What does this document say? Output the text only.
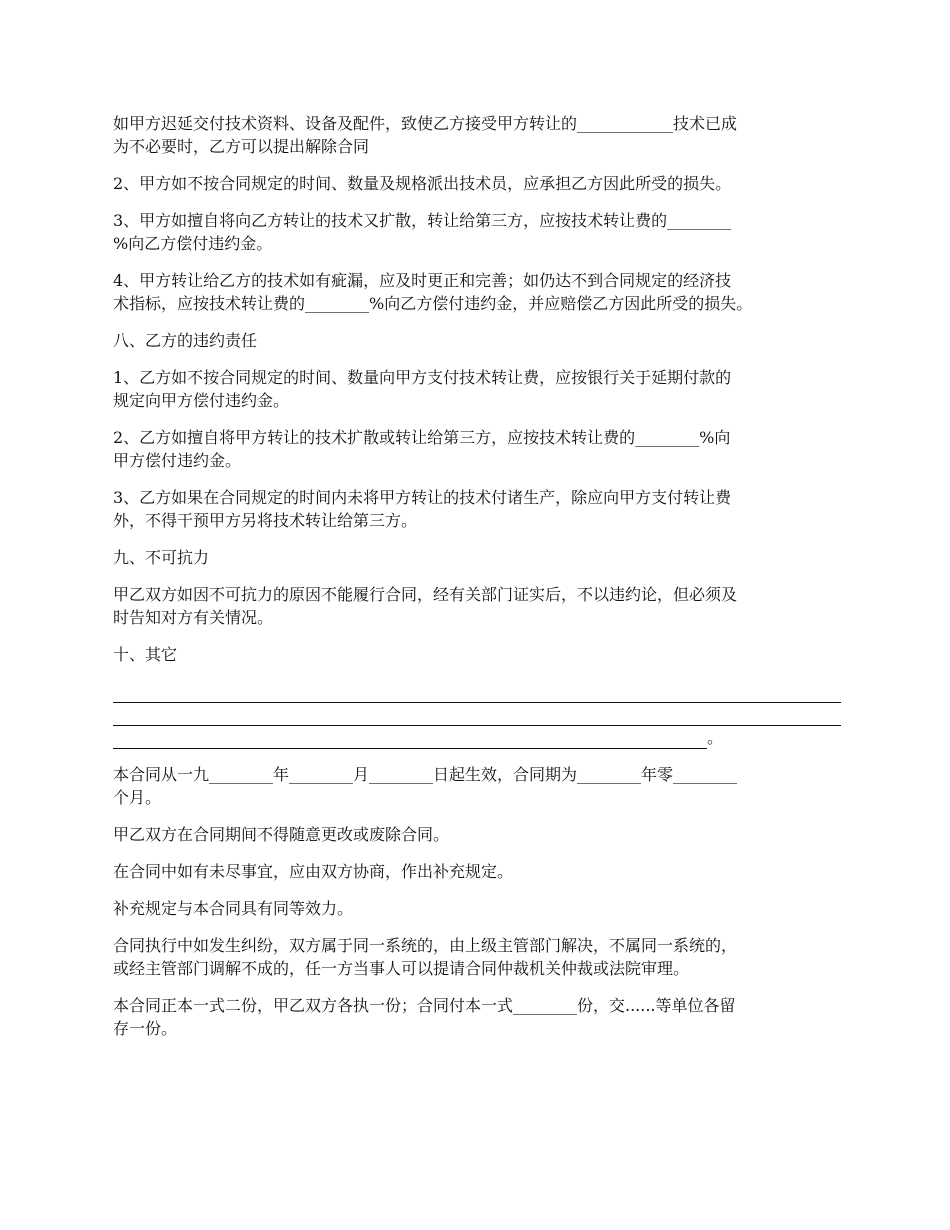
如甲方迟延交付技术资料、设备及配件，致使乙方接受甲方转让的____________技术已成
为不必要时，乙方可以提出解除合同

2、甲方如不按合同规定的时间、数量及规格派出技术员，应承担乙方因此所受的损失。

3、甲方如擅自将向乙方转让的技术又扩散，转让给第三方，应按技术转让费的________
%向乙方偿付违约金。

4、甲方转让给乙方的技术如有疵漏，应及时更正和完善；如仍达不到合同规定的经济技
术指标，应按技术转让费的________%向乙方偿付违约金，并应赔偿乙方因此所受的损失。

八、乙方的违约责任

1、乙方如不按合同规定的时间、数量向甲方支付技术转让费，应按银行关于延期付款的
规定向甲方偿付违约金。

2、乙方如擅自将甲方转让的技术扩散或转让给第三方，应按技术转让费的________%向
甲方偿付违约金。

3、乙方如果在合同规定的时间内未将甲方转让的技术付诸生产，除应向甲方支付转让费
外，不得干预甲方另将技术转让给第三方。

九、不可抗力

甲乙双方如因不可抗力的原因不能履行合同，经有关部门证实后，不以违约论，但必须及
时告知对方有关情况。

十、其它

。

本合同从一九________年________月________日起生效，合同期为________年零________
个月。

甲乙双方在合同期间不得随意更改或废除合同。

在合同中如有未尽事宜，应由双方协商，作出补充规定。

补充规定与本合同具有同等效力。

合同执行中如发生纠纷，双方属于同一系统的，由上级主管部门解决，不属同一系统的，
或经主管部门调解不成的，任一方当事人可以提请合同仲裁机关仲裁或法院审理。

本合同正本一式二份，甲乙双方各执一份；合同付本一式________份，交......等单位各留
存一份。
